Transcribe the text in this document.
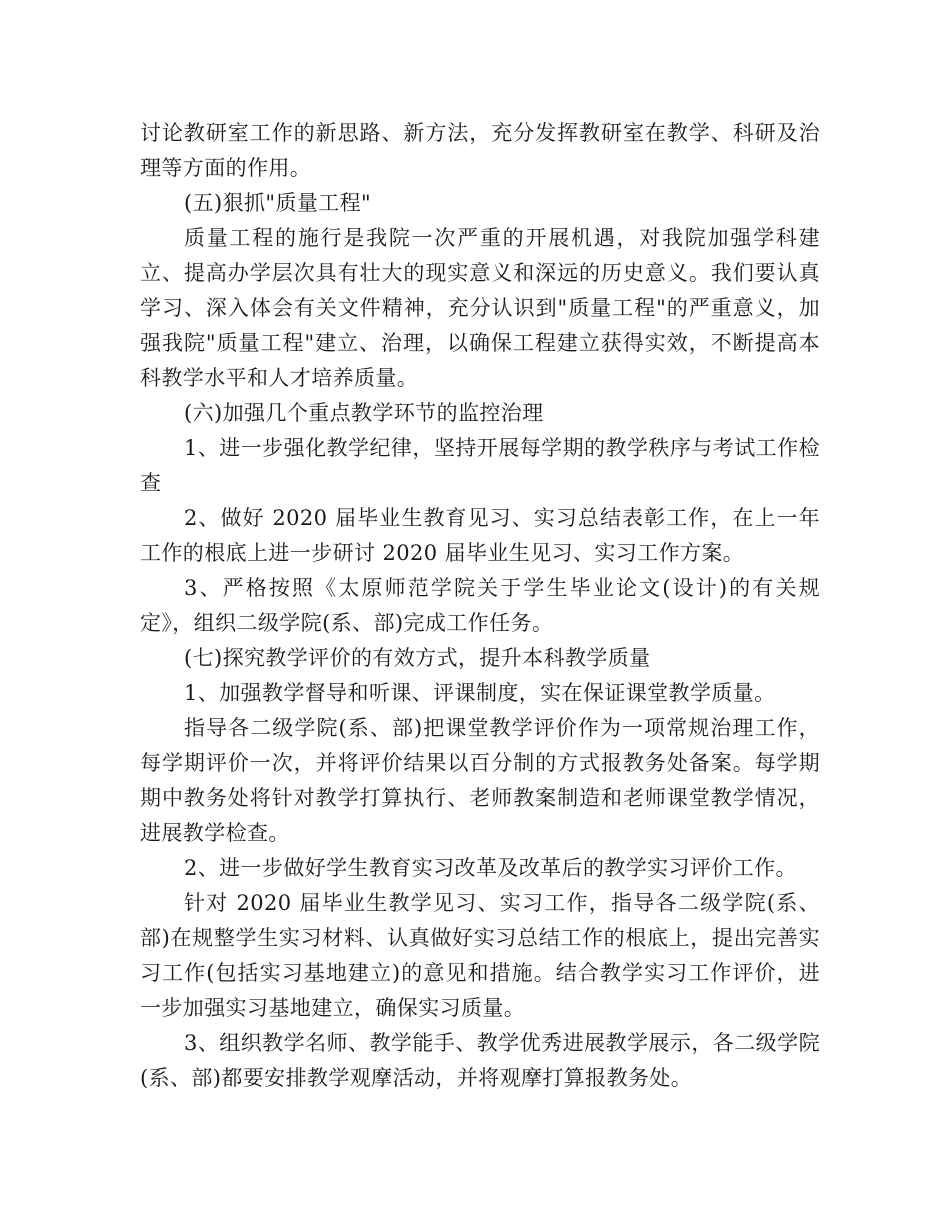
讨论教研室工作的新思路、新方法，充分发挥教研室在教学、科研及治理等方面的作用。

(五)狠抓"质量工程"

质量工程的施行是我院一次严重的开展机遇，对我院加强学科建立、提高办学层次具有壮大的现实意义和深远的历史意义。我们要认真学习、深入体会有关文件精神，充分认识到"质量工程"的严重意义，加强我院"质量工程"建立、治理，以确保工程建立获得实效，不断提高本科教学水平和人才培养质量。

(六)加强几个重点教学环节的监控治理

1、进一步强化教学纪律，坚持开展每学期的教学秩序与考试工作检查

2、做好 2020 届毕业生教育见习、实习总结表彰工作，在上一年工作的根底上进一步研讨 2020 届毕业生见习、实习工作方案。

3、严格按照《太原师范学院关于学生毕业论文(设计)的有关规定》，组织二级学院(系、部)完成工作任务。

(七)探究教学评价的有效方式，提升本科教学质量

1、加强教学督导和听课、评课制度，实在保证课堂教学质量。

指导各二级学院(系、部)把课堂教学评价作为一项常规治理工作，每学期评价一次，并将评价结果以百分制的方式报教务处备案。每学期期中教务处将针对教学打算执行、老师教案制造和老师课堂教学情况，进展教学检查。

2、进一步做好学生教育实习改革及改革后的教学实习评价工作。

针对 2020 届毕业生教学见习、实习工作，指导各二级学院(系、部)在规整学生实习材料、认真做好实习总结工作的根底上，提出完善实习工作(包括实习基地建立)的意见和措施。结合教学实习工作评价，进一步加强实习基地建立，确保实习质量。

3、组织教学名师、教学能手、教学优秀进展教学展示，各二级学院(系、部)都要安排教学观摩活动，并将观摩打算报教务处。
